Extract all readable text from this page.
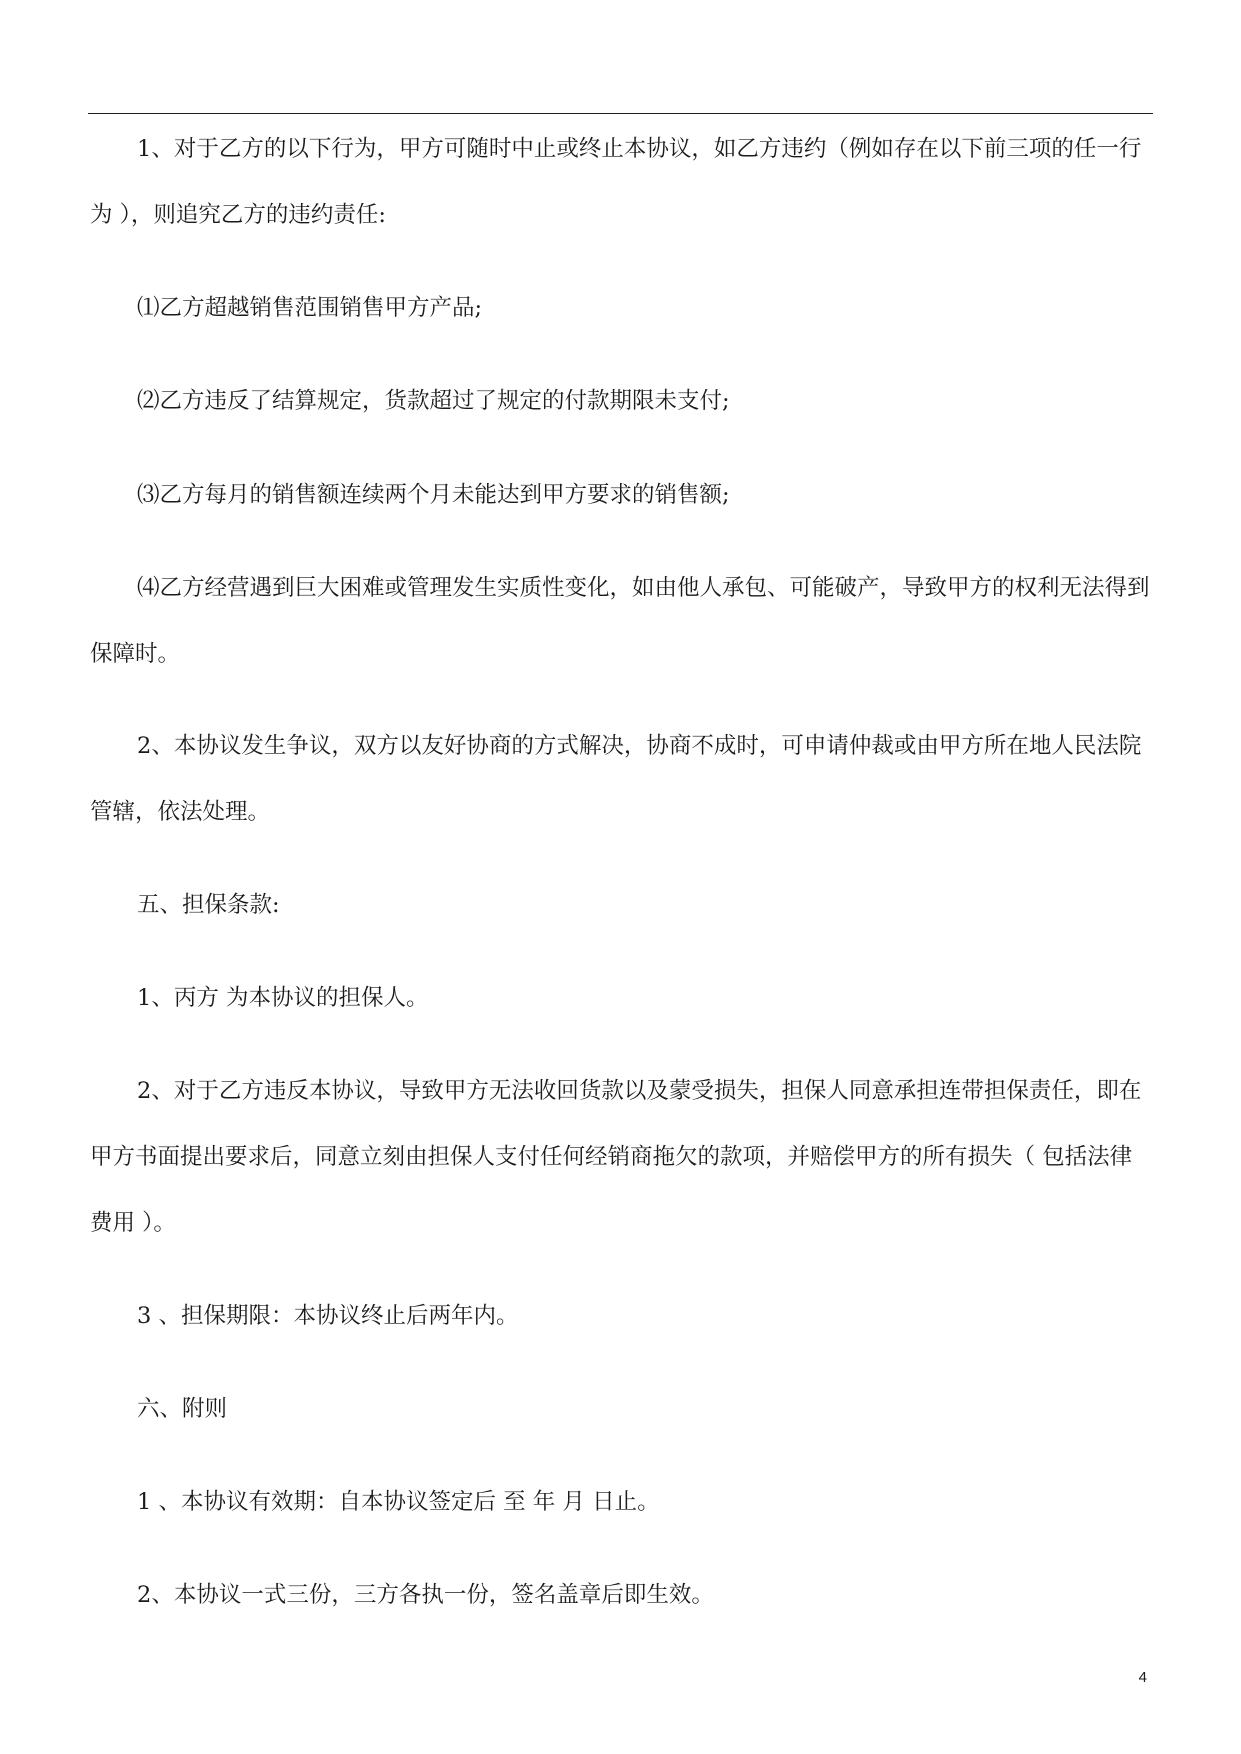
1、对于乙方的以下行为，甲方可随时中止或终止本协议，如乙方违约（例如存在以下前三项的任一行为 ），则追究乙方的违约责任:

⑴乙方超越销售范围销售甲方产品;

⑵乙方违反了结算规定，货款超过了规定的付款期限未支付;

⑶乙方每月的销售额连续两个月未能达到甲方要求的销售额;

⑷乙方经营遇到巨大困难或管理发生实质性变化，如由他人承包、可能破产，导致甲方的权利无法得到保障时。

2、本协议发生争议，双方以友好协商的方式解决，协商不成时，可申请仲裁或由甲方所在地人民法院管辖，依法处理。

五、担保条款:

1、丙方 为本协议的担保人。

2、对于乙方违反本协议，导致甲方无法收回货款以及蒙受损失，担保人同意承担连带担保责任，即在甲方书面提出要求后，同意立刻由担保人支付任何经销商拖欠的款项，并赔偿甲方的所有损失（ 包括法律费用 ）。

3 、担保期限：本协议终止后两年内。

六、附则

1 、本协议有效期：自本协议签定后 至 年 月 日止。

2、本协议一式三份，三方各执一份，签名盖章后即生效。

4
